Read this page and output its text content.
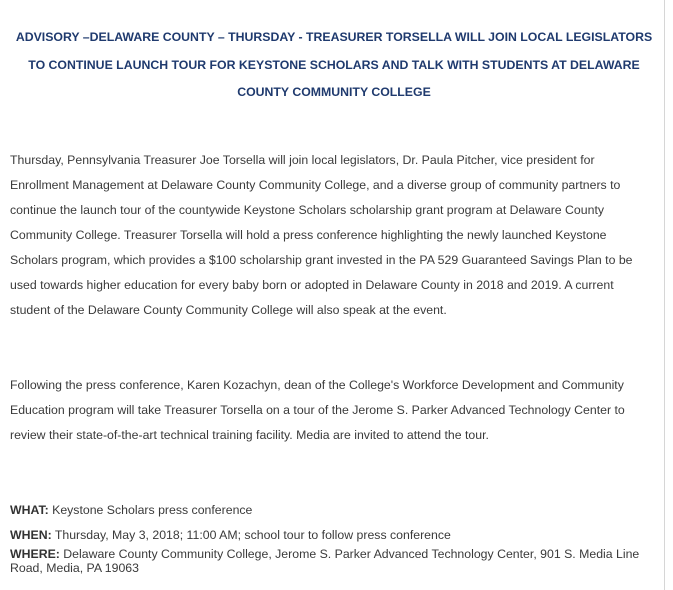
ADVISORY –DELAWARE COUNTY – THURSDAY - TREASURER TORSELLA WILL JOIN LOCAL LEGISLATORS TO CONTINUE LAUNCH TOUR FOR KEYSTONE SCHOLARS AND TALK WITH STUDENTS AT DELAWARE COUNTY COMMUNITY COLLEGE
Thursday, Pennsylvania Treasurer Joe Torsella will join local legislators, Dr. Paula Pitcher, vice president for Enrollment Management at Delaware County Community College, and a diverse group of community partners to continue the launch tour of the countywide Keystone Scholars scholarship grant program at Delaware County Community College. Treasurer Torsella will hold a press conference highlighting the newly launched Keystone Scholars program, which provides a $100 scholarship grant invested in the PA 529 Guaranteed Savings Plan to be used towards higher education for every baby born or adopted in Delaware County in 2018 and 2019. A current student of the Delaware County Community College will also speak at the event.
Following the press conference, Karen Kozachyn, dean of the College's Workforce Development and Community Education program will take Treasurer Torsella on a tour of the Jerome S. Parker Advanced Technology Center to review their state-of-the-art technical training facility. Media are invited to attend the tour.
WHAT: Keystone Scholars press conference
WHEN: Thursday, May 3, 2018; 11:00 AM; school tour to follow press conference
WHERE: Delaware County Community College, Jerome S. Parker Advanced Technology Center, 901 S. Media Line Road, Media, PA 19063
